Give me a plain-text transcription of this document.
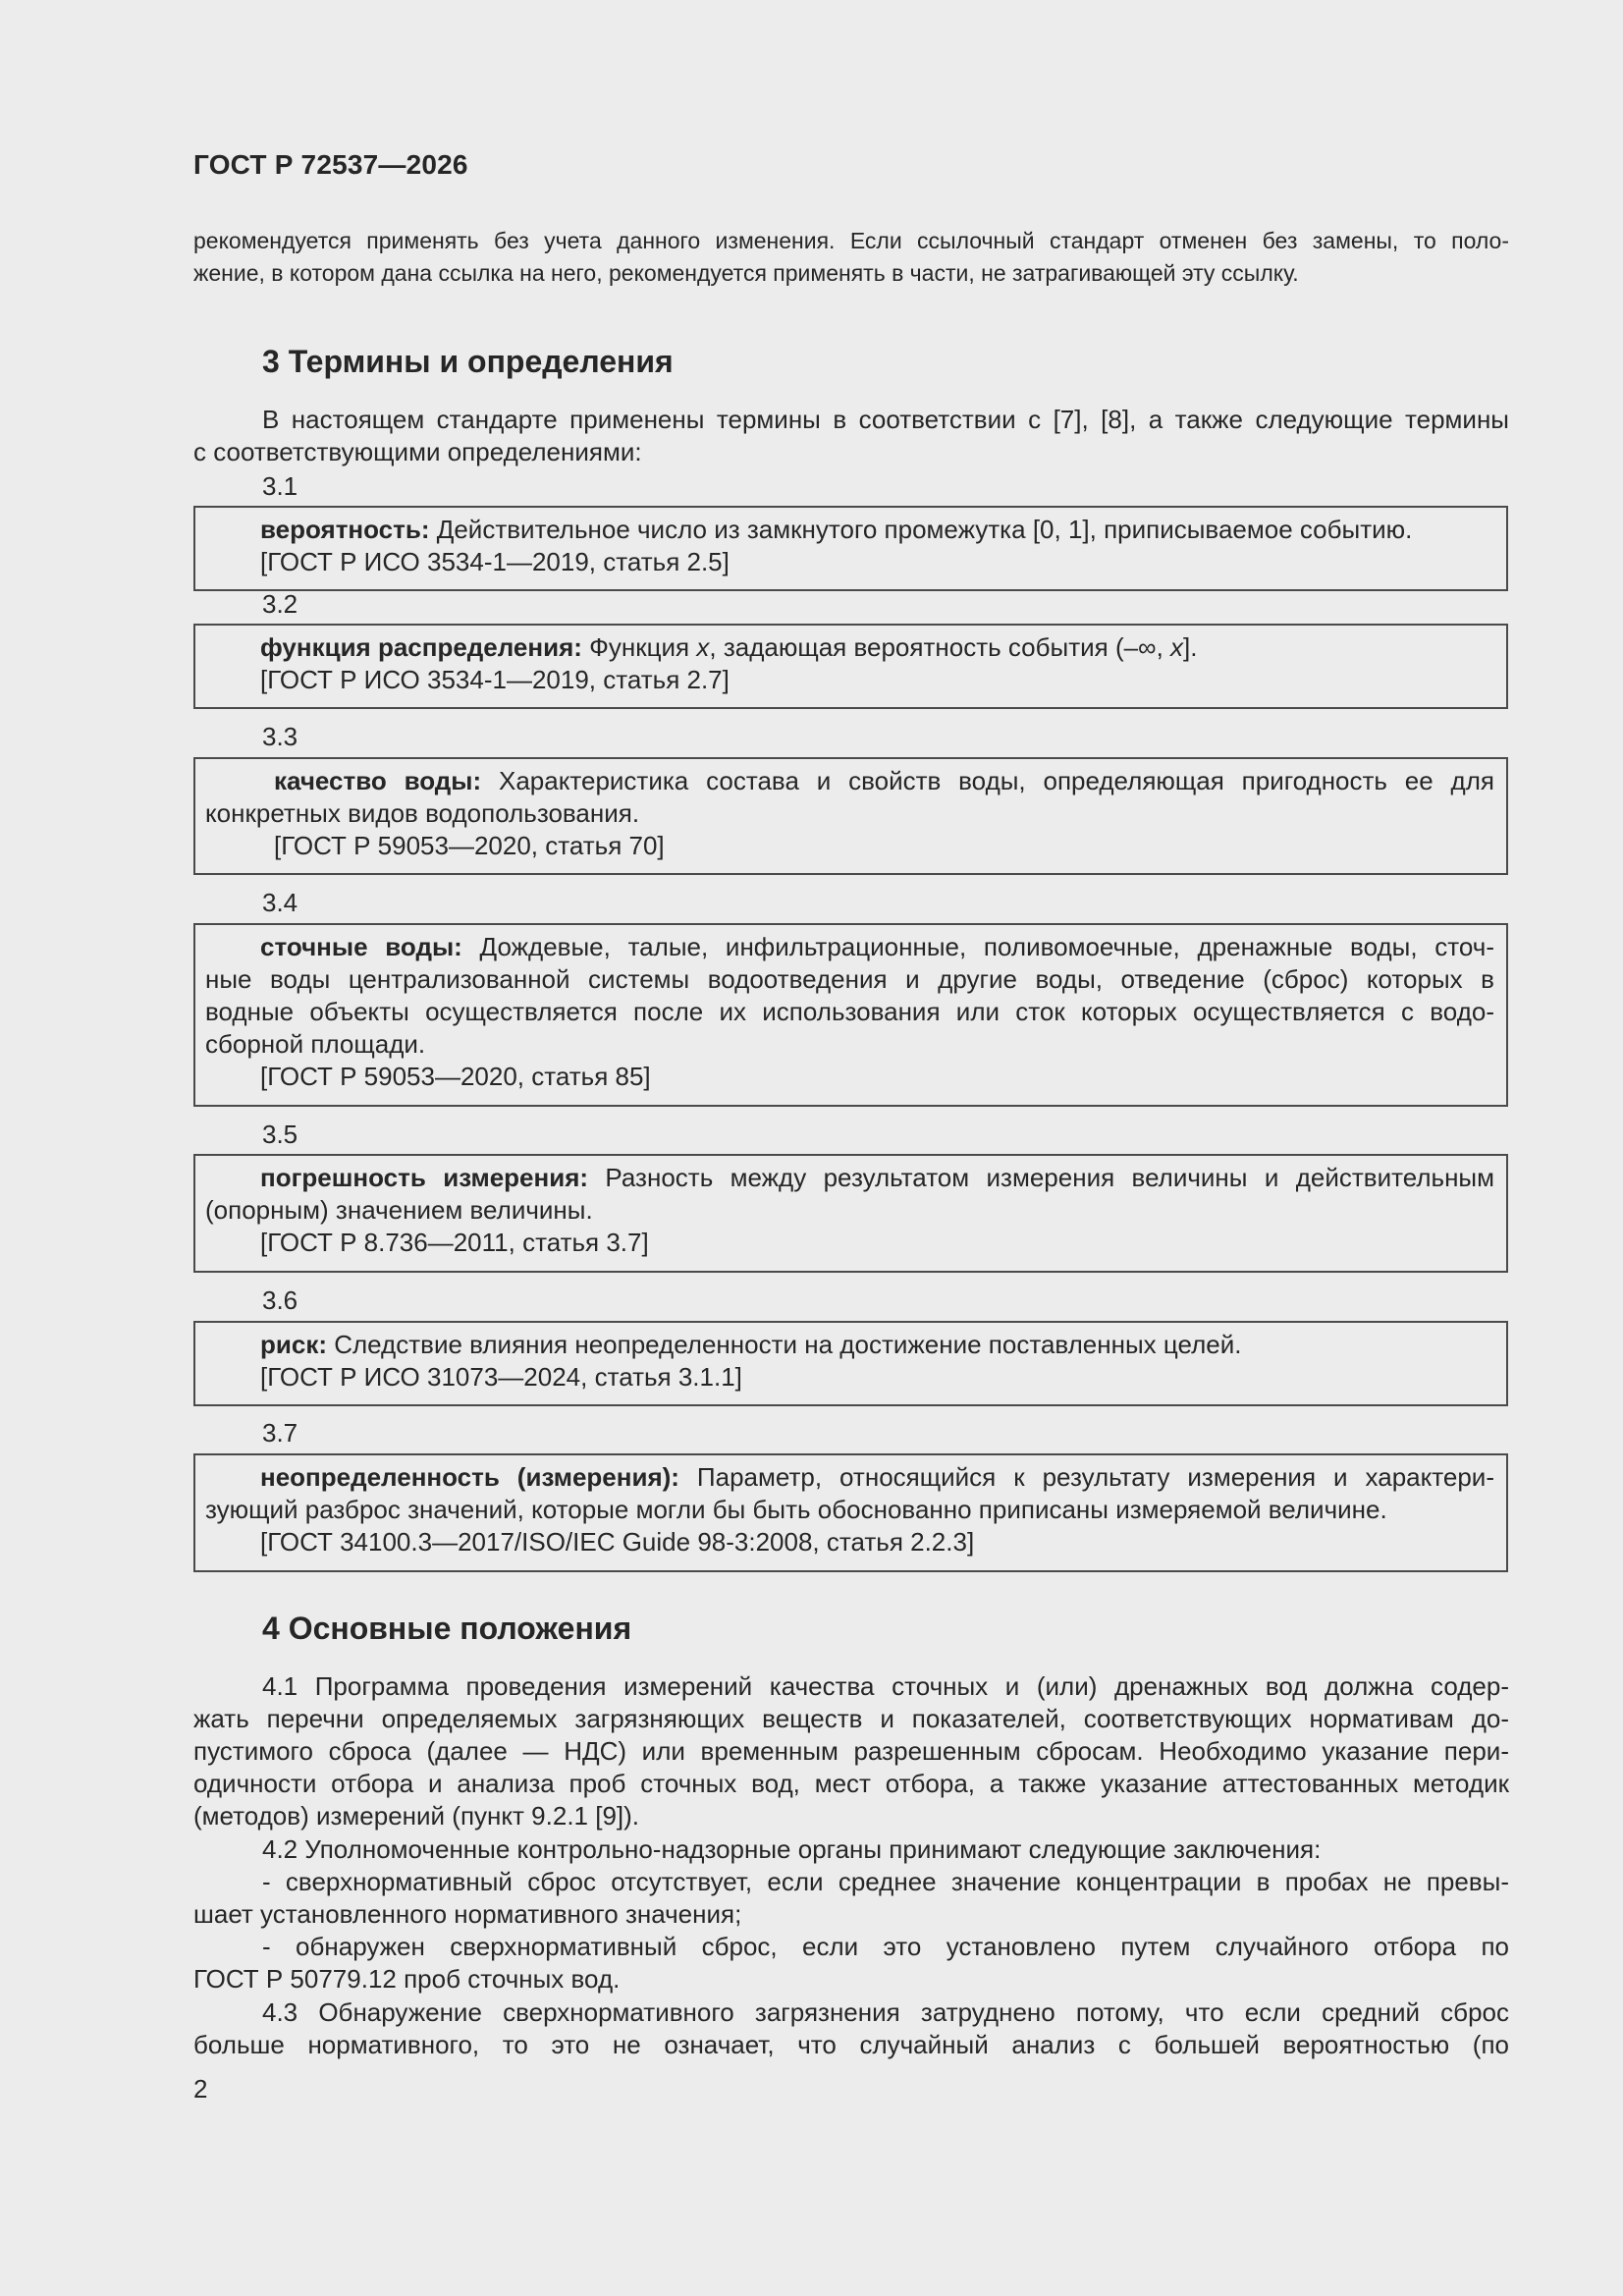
ГОСТ Р 72537—2026
рекомендуется применять без учета данного изменения. Если ссылочный стандарт отменен без замены, то поло-
жение, в котором дана ссылка на него, рекомендуется применять в части, не затрагивающей эту ссылку.
3 Термины и определения
В настоящем стандарте применены термины в соответствии с [7], [8], а также следующие термины
с соответствующими определениями:
3.1
вероятность: Действительное число из замкнутого промежутка [0, 1], приписываемое событию.
[ГОСТ Р ИСО 3534-1—2019, статья 2.5]
3.2
функция распределения: Функция x, задающая вероятность события (–∞, x].
[ГОСТ Р ИСО 3534-1—2019, статья 2.7]
3.3
качество воды: Характеристика состава и свойств воды, определяющая пригодность ее для
конкретных видов водопользования.
[ГОСТ Р 59053—2020, статья 70]
3.4
сточные воды: Дождевые, талые, инфильтрационные, поливомоечные, дренажные воды, сточ-
ные воды централизованной системы водоотведения и другие воды, отведение (сброс) которых в
водные объекты осуществляется после их использования или сток которых осуществляется с водо-
сборной площади.
[ГОСТ Р 59053—2020, статья 85]
3.5
погрешность измерения: Разность между результатом измерения величины и действительным
(опорным) значением величины.
[ГОСТ Р 8.736—2011, статья 3.7]
3.6
риск: Следствие влияния неопределенности на достижение поставленных целей.
[ГОСТ Р ИСО 31073—2024, статья 3.1.1]
3.7
неопределенность (измерения): Параметр, относящийся к результату измерения и характери-
зующий разброс значений, которые могли бы быть обоснованно приписаны измеряемой величине.
[ГОСТ 34100.3—2017/ISO/IEC Guide 98-3:2008, статья 2.2.3]
4 Основные положения
4.1 Программа проведения измерений качества сточных и (или) дренажных вод должна содер-
жать перечни определяемых загрязняющих веществ и показателей, соответствующих нормативам до-
пустимого сброса (далее — НДС) или временным разрешенным сбросам. Необходимо указание пери-
одичности отбора и анализа проб сточных вод, мест отбора, а также указание аттестованных методик
(методов) измерений (пункт 9.2.1 [9]).
4.2 Уполномоченные контрольно-надзорные органы принимают следующие заключения:
- сверхнормативный сброс отсутствует, если среднее значение концентрации в пробах не превы-
шает установленного нормативного значения;
- обнаружен сверхнормативный сброс, если это установлено путем случайного отбора по
ГОСТ Р 50779.12 проб сточных вод.
4.3 Обнаружение сверхнормативного загрязнения затруднено потому, что если средний сброс
больше нормативного, то это не означает, что случайный анализ с большей вероятностью (по
2
